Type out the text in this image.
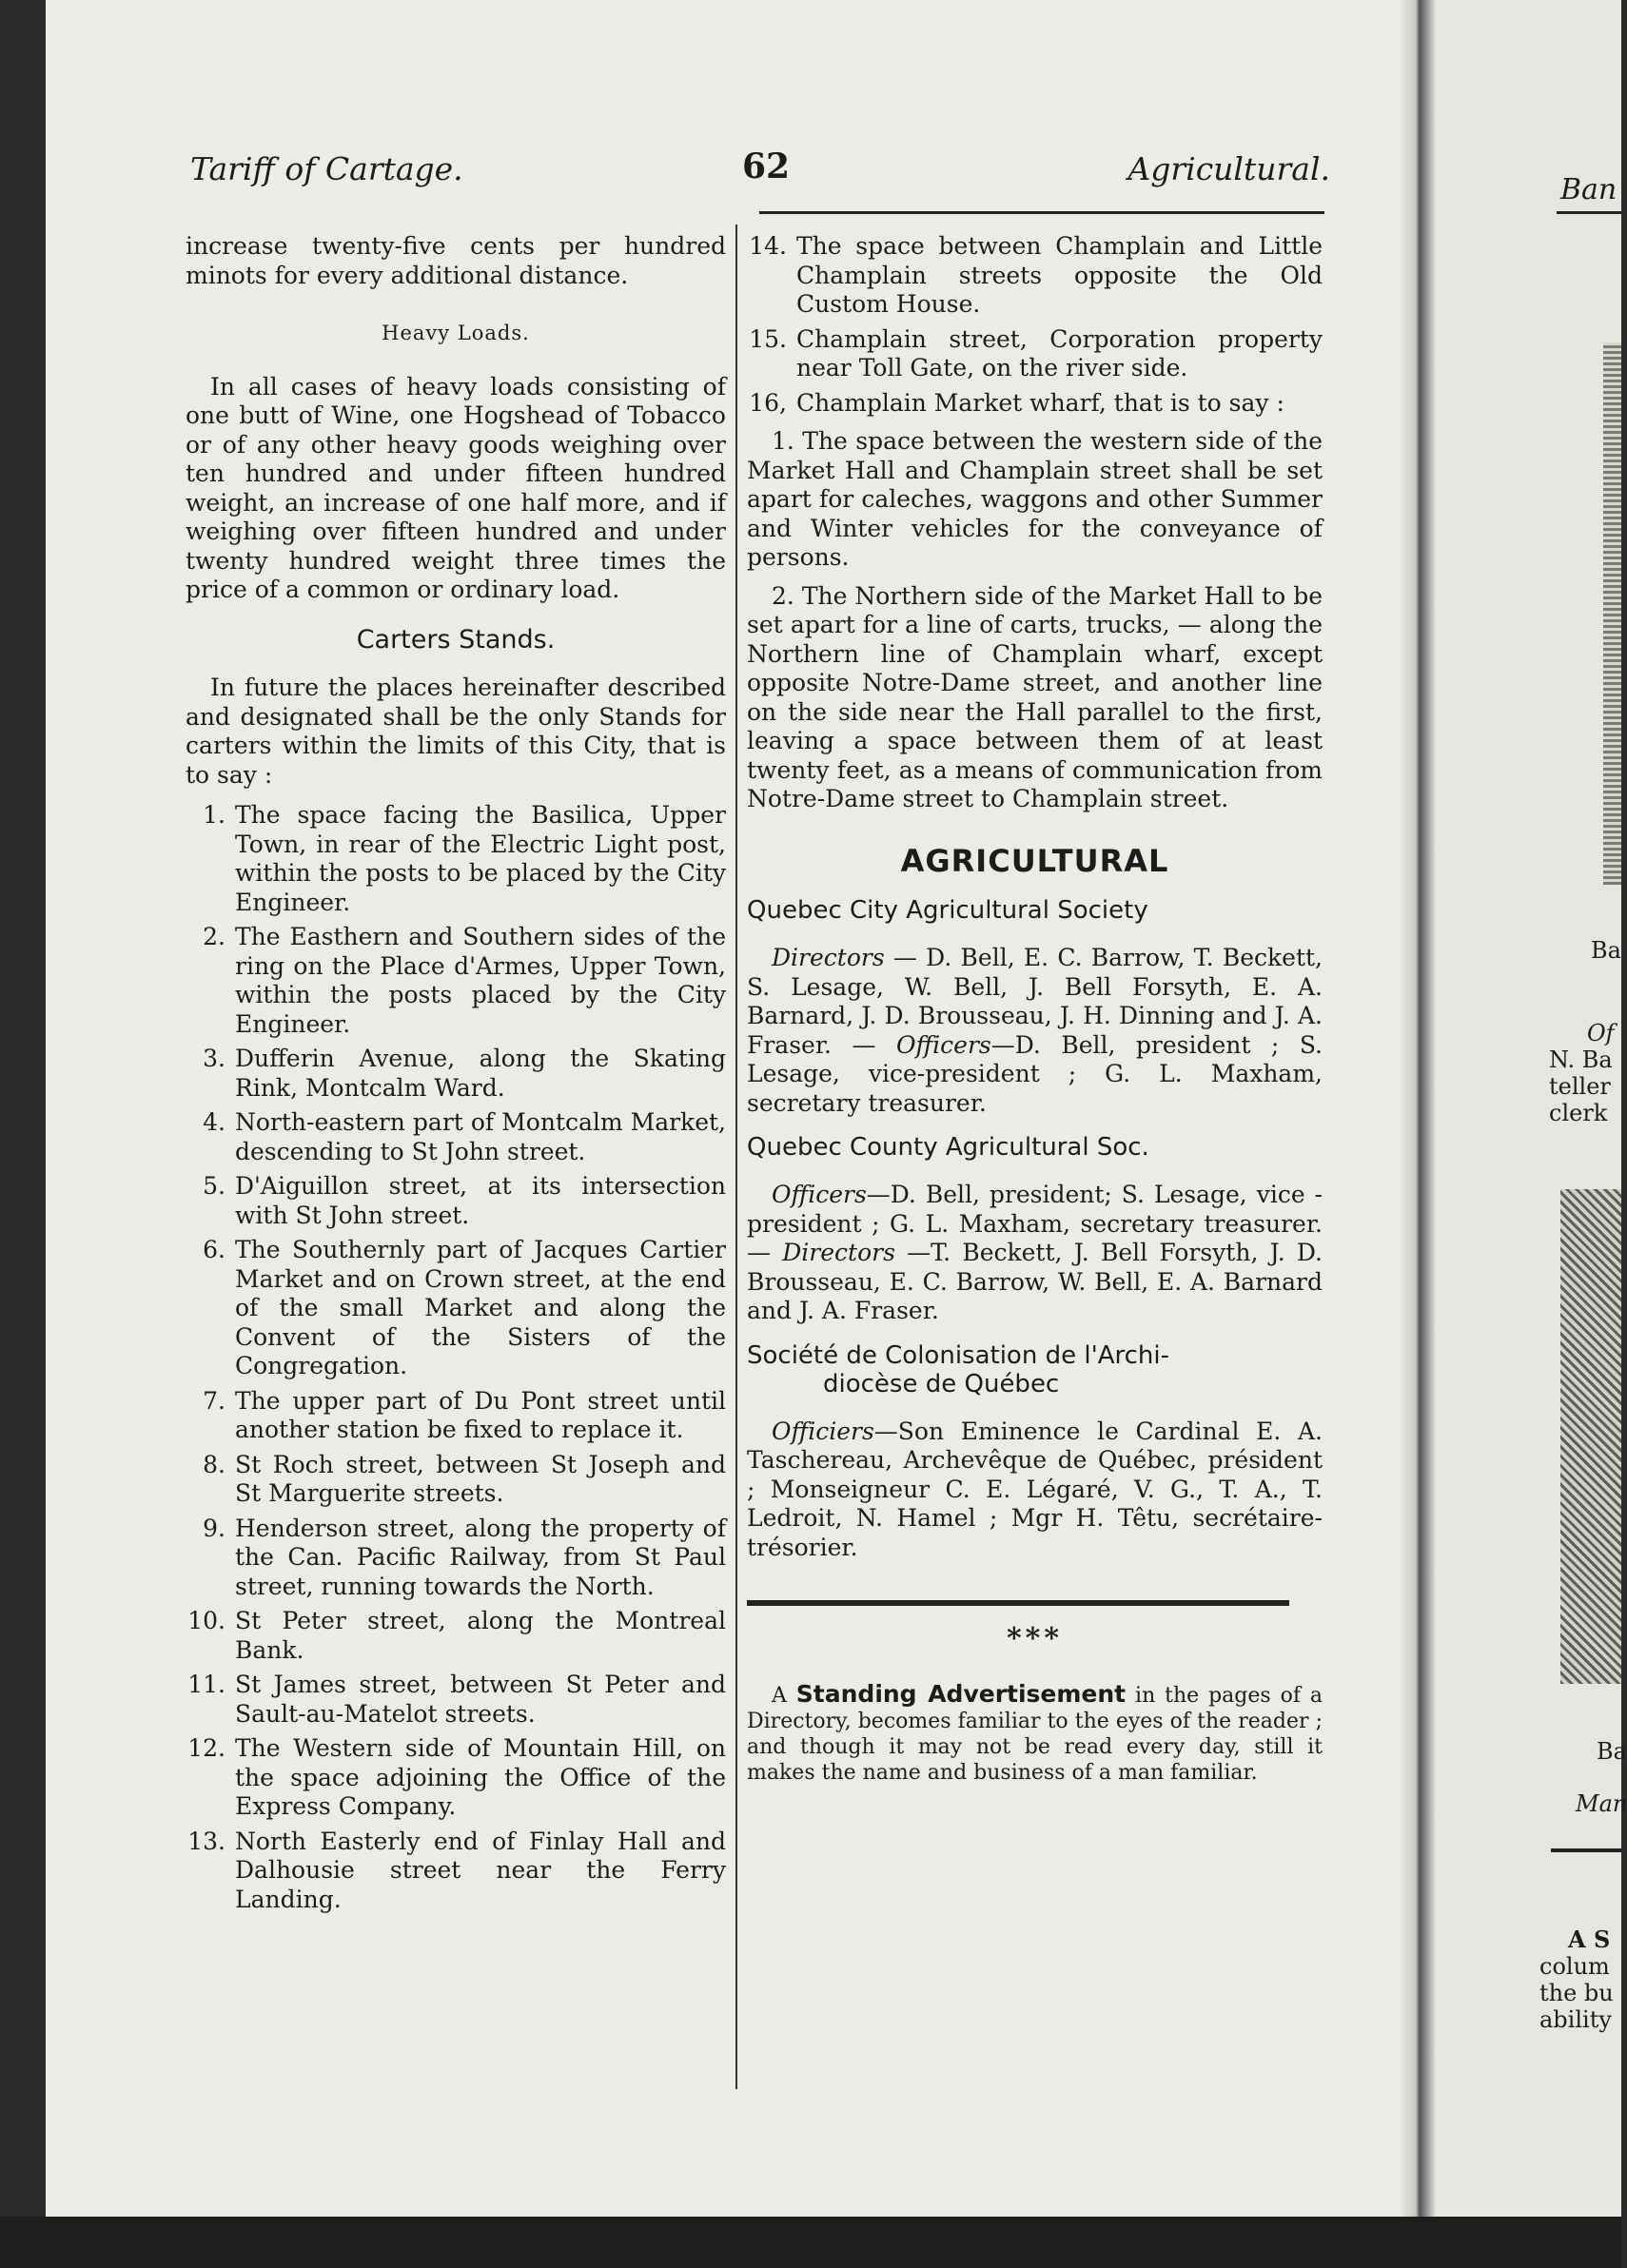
Ban
Ba
Of
N. Ba
teller
clerk
Ba
Man
A S
colum
the bu
ability
Tariff of Cartage.	62	Agricultural.

increase twenty-five cents per hundred minots for every additional distance.

Heavy Loads.

In all cases of heavy loads consisting of one butt of Wine, one Hogshead of Tobacco or of any other heavy goods weighing over ten hundred and under fifteen hundred weight, an increase of one half more, and if weighing over fifteen hundred and under twenty hundred weight three times the price of a common or ordinary load.

Carters Stands.

In future the places hereinafter described and designated shall be the only Stands for carters within the limits of this City, that is to say :

1. The space facing the Basilica, Upper Town, in rear of the Electric Light post, within the posts to be placed by the City Engineer.
2. The Easthern and Southern sides of the ring on the Place d'Armes, Upper Town, within the posts placed by the City Engineer.
3. Dufferin Avenue, along the Skating Rink, Montcalm Ward.
4. North-eastern part of Montcalm Market, descending to St John street.
5. D'Aiguillon street, at its intersection with St John street.
6. The Southernly part of Jacques Cartier Market and on Crown street, at the end of the small Market and along the Convent of the Sisters of the Congregation.
7. The upper part of Du Pont street until another station be fixed to replace it.
8. St Roch street, between St Joseph and St Marguerite streets.
9. Henderson street, along the property of the Can. Pacific Railway, from St Paul street, running towards the North.
10. St Peter street, along the Montreal Bank.
11. St James street, between St Peter and Sault-au-Matelot streets.
12. The Western side of Mountain Hill, on the space adjoining the Office of the Express Company.
13. North Easterly end of Finlay Hall and Dalhousie street near the Ferry Landing.
14. The space between Champlain and Little Champlain streets opposite the Old Custom House.
15. Champlain street, Corporation property near Toll Gate, on the river side.
16, Champlain Market wharf, that is to say :

1. The space between the western side of the Market Hall and Champlain street shall be set apart for caleches, waggons and other Summer and Winter vehicles for the conveyance of persons.

2. The Northern side of the Market Hall to be set apart for a line of carts, trucks, — along the Northern line of Champlain wharf, except opposite Notre-Dame street, and another line on the side near the Hall parallel to the first, leaving a space between them of at least twenty feet, as a means of communication from Notre-Dame street to Champlain street.

AGRICULTURAL
Quebec City Agricultural Society

Directors — D. Bell, E. C. Barrow, T. Beckett, S. Lesage, W. Bell, J. Bell Forsyth, E. A. Barnard, J. D. Brousseau, J. H. Dinning and J. A. Fraser. — Officers—D. Bell, president ; S. Lesage, vice-president ; G. L. Maxham, secretary treasurer.

Quebec County Agricultural Soc.

Officers—D. Bell, president; S. Lesage, vice - president ; G. L. Maxham, secretary treasurer. — Directors —T. Beckett, J. Bell Forsyth, J. D. Brousseau, E. C. Barrow, W. Bell, E. A. Barnard and J. A. Fraser.

Société de Colonisation de l'Archi-
diocèse de Québec

Officiers—Son Eminence le Cardinal E. A. Taschereau, Archevêque de Québec, président ; Monseigneur C. E. Légaré, V. G., T. A., T. Ledroit, N. Hamel ; Mgr H. Têtu, secrétaire-trésorier.

***

A Standing Advertisement in the pages of a Directory, becomes familiar to the eyes of the reader ; and though it may not be read every day, still it makes the name and business of a man familiar.
